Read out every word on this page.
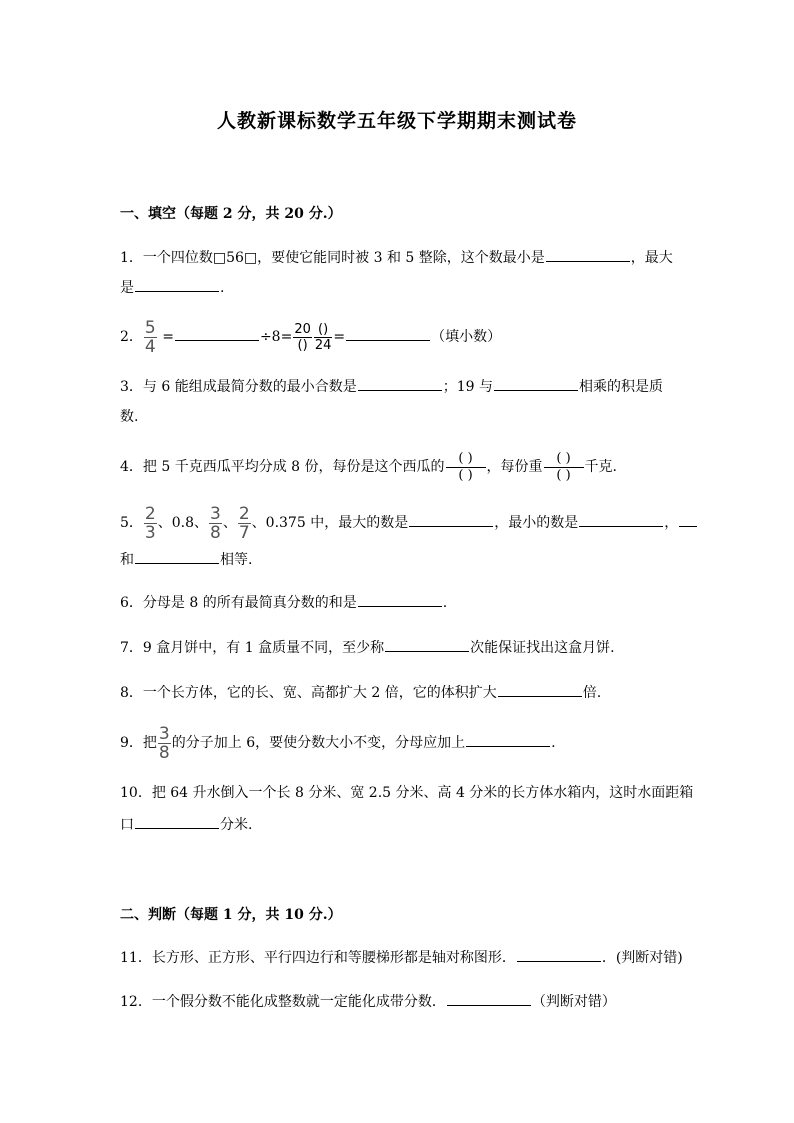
人教新课标数学五年级下学期期末测试卷
一、填空（每题 2 分，共 20 分.）
1．一个四位数□56□，要使它能同时被 3 和 5 整除，这个数最小是	，最大
是	.
2． $\frac{5}{4}$ =	$\div 8= \frac{20}{()} \frac{()}{24}$ =	（填小数）
3．与 6 能组成最简分数的最小合数是	；19 与	相乘的积是质
数.
4．把 5 千克西瓜平均分成 8 份，每份是这个西瓜的 $\frac{( )}{( )}$ ，每份重 $\frac{( )}{( )}$ 千克.
5． $\frac{2}{3}$ 、0.8、 $\frac{3}{8}$ 、 $\frac{2}{7}$ 、0.375 中，最大的数是	，最小的数是	，
和	相等.
6．分母是 8 的所有最简真分数的和是	.
7．9 盒月饼中，有 1 盒质量不同，至少称	次能保证找出这盒月饼.
8．一个长方体，它的长、宽、高都扩大 2 倍，它的体积扩大	倍.
9．把 $\frac{3}{8}$ 的分子加上 6，要使分数大小不变，分母应加上	.
10．把 64 升水倒入一个长 8 分米、宽 2.5 分米、高 4 分米的长方体水箱内，这时水面距箱
口	分米.
二、判断（每题 1 分，共 10 分.）
11．长方形、正方形、平行四边行和等腰梯形都是轴对称图形．	．(判断对错)
12．一个假分数不能化成整数就一定能化成带分数．	（判断对错）
